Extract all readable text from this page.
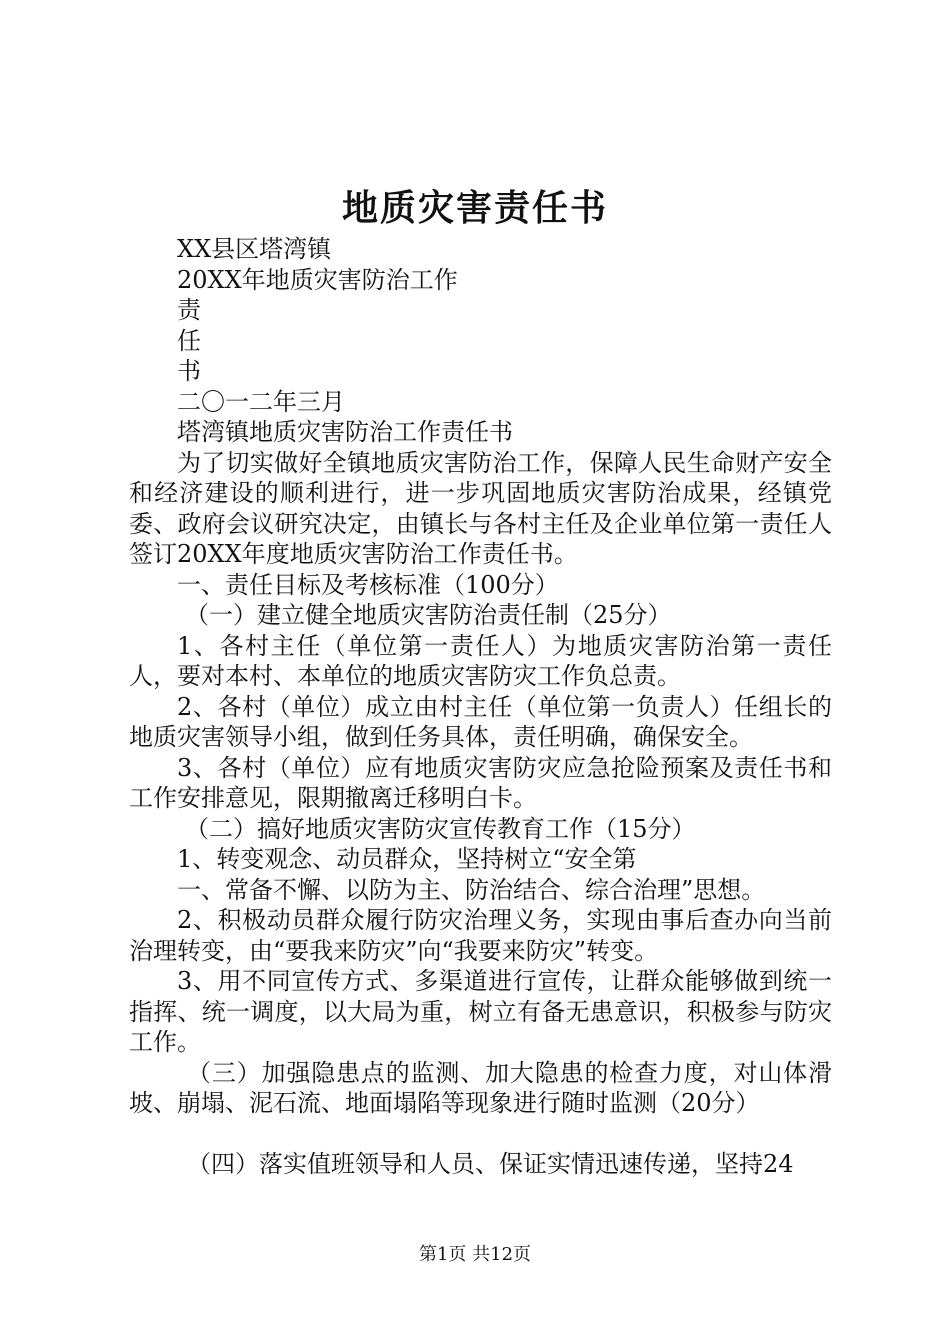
地质灾害责任书
XX县区塔湾镇
20XX年地质灾害防治工作
责
任
书
二〇一二年三月
塔湾镇地质灾害防治工作责任书
为了切实做好全镇地质灾害防治工作，保障人民生命财产安全和经济建设的顺利进行，进一步巩固地质灾害防治成果，经镇党委、政府会议研究决定，由镇长与各村主任及企业单位第一责任人签订20XX年度地质灾害防治工作责任书。
一、责任目标及考核标准（100分）
（一）建立健全地质灾害防治责任制（25分）
1、各村主任（单位第一责任人）为地质灾害防治第一责任人，要对本村、本单位的地质灾害防灾工作负总责。
2、各村（单位）成立由村主任（单位第一负责人）任组长的地质灾害领导小组，做到任务具体，责任明确，确保安全。
3、各村（单位）应有地质灾害防灾应急抢险预案及责任书和工作安排意见，限期撤离迁移明白卡。
（二）搞好地质灾害防灾宣传教育工作（15分）
1、转变观念、动员群众，坚持树立“安全第
一、常备不懈、以防为主、防治结合、综合治理”思想。
2、积极动员群众履行防灾治理义务，实现由事后查办向当前治理转变，由“要我来防灾”向“我要来防灾”转变。
3、用不同宣传方式、多渠道进行宣传，让群众能够做到统一指挥、统一调度，以大局为重，树立有备无患意识，积极参与防灾工作。
（三）加强隐患点的监测、加大隐患的检查力度，对山体滑坡、崩塌、泥石流、地面塌陷等现象进行随时监测（20分）
（四）落实值班领导和人员、保证实情迅速传递，坚持24
第1页 共12页
